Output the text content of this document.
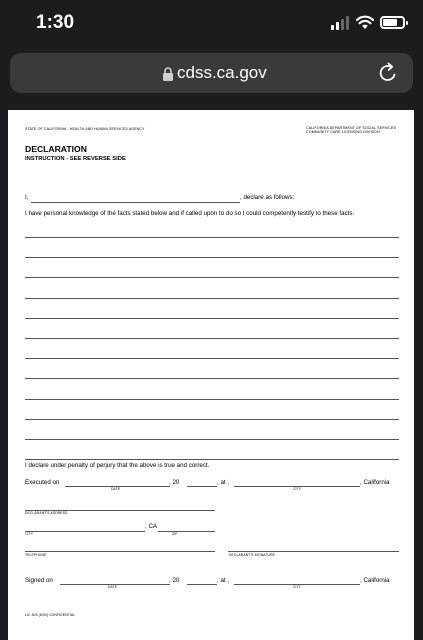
1:30
cdss.ca.gov
STATE OF CALIFORNIA - HEALTH AND HUMAN SERVICES AGENCY	CALIFORNIA DEPARTMENT OF SOCIAL SERVICES
COMMUNITY CARE LICENSING DIVISION
DECLARATION
INSTRUCTION - SEE REVERSE SIDE
I,	, declare as follows:
I have personal knowledge of the facts stated below and if called upon to do so I could competently testify to these facts.
I declare under penalty of perjury that the above is true and correct.
Executed on
DATE
, 20	, at ,
CITY
, California
DECLARANT'S ADDRESS
, CA
CITY	ZIP
TELEPHONE	DECLARANT'S SIGNATURE
Signed on
DATE
, 20	, at ,
CITY
, California
LIC 803 (8/00) CONFIDENTIAL
